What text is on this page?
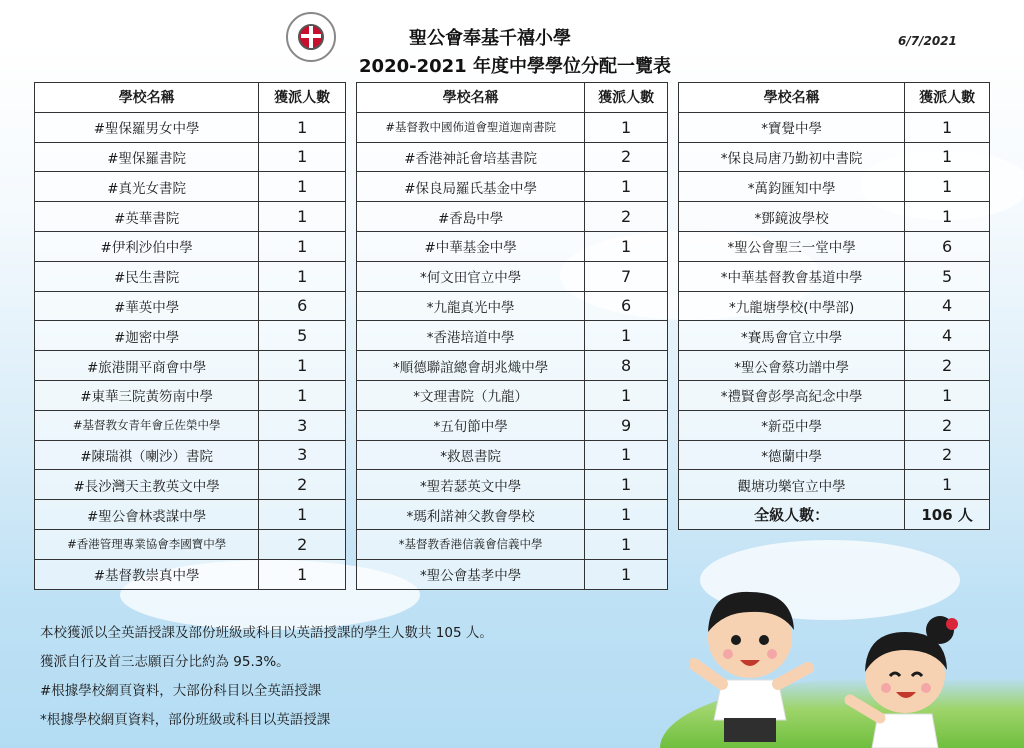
聖公會奉基千禧小學
2020-2021 年度中學學位分配一覽表
6/7/2021
學校名稱	獲派人數
#聖保羅男女中學	1
#聖保羅書院	1
#真光女書院	1
#英華書院	1
#伊利沙伯中學	1
#民生書院	1
#華英中學	6
#迦密中學	5
#旅港開平商會中學	1
#東華三院黃笏南中學	1
#基督教女青年會丘佐榮中學	3
#陳瑞祺（喇沙）書院	3
#長沙灣天主教英文中學	2
#聖公會林裘謀中學	1
#香港管理專業協會李國寶中學	2
#基督教崇真中學	1
學校名稱	獲派人數
#基督教中國佈道會聖道迦南書院	1
#香港神託會培基書院	2
#保良局羅氏基金中學	1
#香島中學	2
#中華基金中學	1
*何文田官立中學	7
*九龍真光中學	6
*香港培道中學	1
*順德聯誼總會胡兆熾中學	8
*文理書院（九龍）	1
*五旬節中學	9
*救恩書院	1
*聖若瑟英文中學	1
*瑪利諾神父教會學校	1
*基督教香港信義會信義中學	1
*聖公會基孝中學	1
學校名稱	獲派人數
*寶覺中學	1
*保良局唐乃勤初中書院	1
*萬鈞匯知中學	1
*鄧鏡波學校	1
*聖公會聖三一堂中學	6
*中華基督教會基道中學	5
*九龍塘學校(中學部)	4
*賽馬會官立中學	4
*聖公會蔡功譜中學	2
*禮賢會彭學高紀念中學	1
*新亞中學	2
*德蘭中學	2
觀塘功樂官立中學	1
全級人數：	106 人
本校獲派以全英語授課及部份班級或科目以英語授課的學生人數共 105 人。
獲派自行及首三志願百分比約為 95.3%。
#根據學校網頁資料，大部份科目以全英語授課
*根據學校網頁資料，部份班級或科目以英語授課
